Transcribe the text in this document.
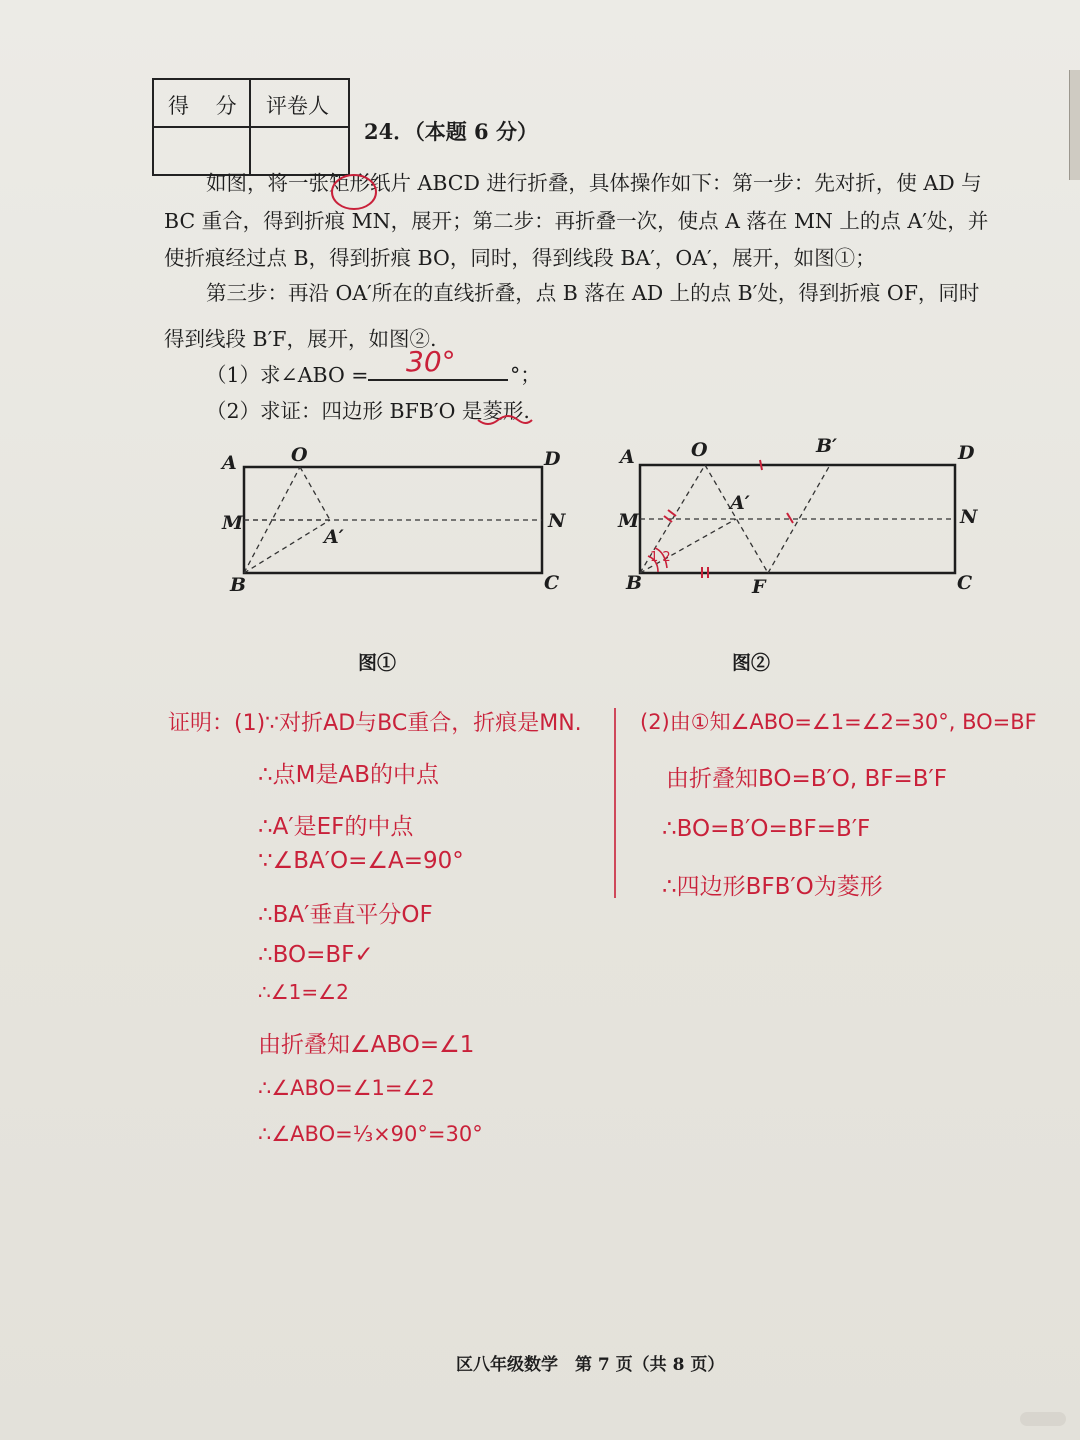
得 分 评卷人
24．（本题 6 分）
如图，将一张矩形纸片 ABCD 进行折叠，具体操作如下：第一步：先对折，使 AD 与
BC 重合，得到折痕 MN，展开；第二步：再折叠一次，使点 A 落在 MN 上的点 A′处，并
使折痕经过点 B，得到折痕 BO，同时，得到线段 BA′，OA′，展开，如图①；
第三步：再沿 OA′所在的直线折叠，点 B 落在 AD 上的点 B′处，得到折痕 OF，同时
得到线段 B′F，展开，如图②.
（1）求∠ABO = 30°	°；
（2）求证：四边形 BFB′O 是菱形.
A	O	D
M
A′
N
B	C
图①
A	O	B′	D
M
A′
N
B	F	C
1 2
图②
证明：(1)∵对折AD与BC重合，折痕是MN.
∴点M是AB的中点
∴A′是EF的中点
∵∠BA′O=∠A=90°
∴BA′垂直平分OF
∴BO=BF✓
∴∠1=∠2
由折叠知∠ABO=∠1
∴∠ABO=∠1=∠2
∴∠ABO=⅓×90°=30°
(2)由①知∠ABO=∠1=∠2=30°, BO=BF
由折叠知BO=B′O, BF=B′F
∴BO=B′O=BF=B′F
∴四边形BFB′O为菱形
区八年级数学　第 7 页（共 8 页）
